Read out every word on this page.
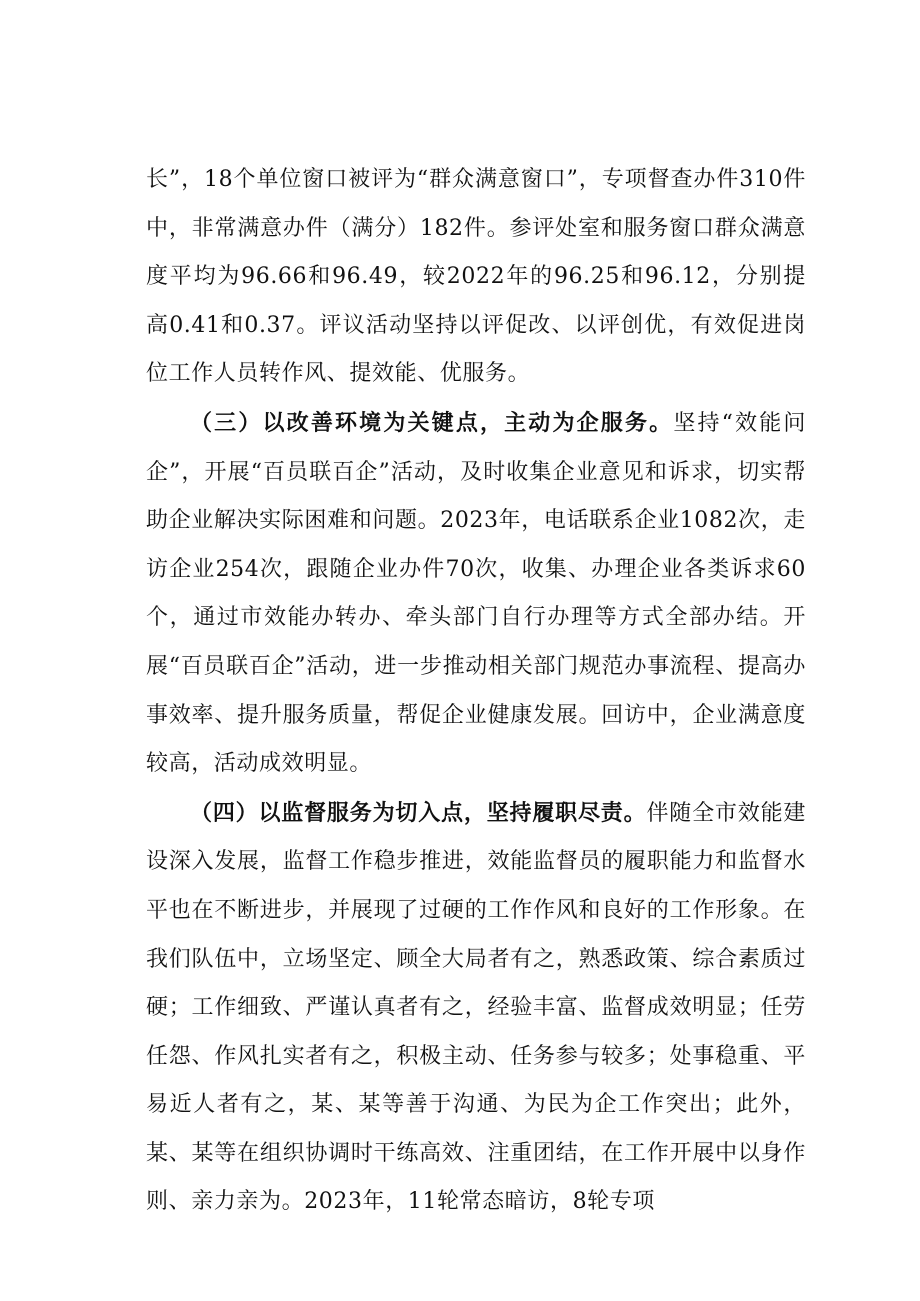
长”，18个单位窗口被评为“群众满意窗口”，专项督查办件310件中，非常满意办件（满分）182件。参评处室和服务窗口群众满意度平均为96.66和96.49，较2022年的96.25和96.12，分别提高0.41和0.37。评议活动坚持以评促改、以评创优，有效促进岗位工作人员转作风、提效能、优服务。

（三）以改善环境为关键点，主动为企服务。坚持“效能问企”，开展“百员联百企”活动，及时收集企业意见和诉求，切实帮助企业解决实际困难和问题。2023年，电话联系企业1082次，走访企业254次，跟随企业办件70次，收集、办理企业各类诉求60个，通过市效能办转办、牵头部门自行办理等方式全部办结。开展“百员联百企”活动，进一步推动相关部门规范办事流程、提高办事效率、提升服务质量，帮促企业健康发展。回访中，企业满意度较高，活动成效明显。

（四）以监督服务为切入点，坚持履职尽责。伴随全市效能建设深入发展，监督工作稳步推进，效能监督员的履职能力和监督水平也在不断进步，并展现了过硬的工作作风和良好的工作形象。在我们队伍中，立场坚定、顾全大局者有之，熟悉政策、综合素质过硬；工作细致、严谨认真者有之，经验丰富、监督成效明显；任劳任怨、作风扎实者有之，积极主动、任务参与较多；处事稳重、平易近人者有之，某、某等善于沟通、为民为企工作突出；此外，某、某等在组织协调时干练高效、注重团结，在工作开展中以身作则、亲力亲为。2023年，11轮常态暗访，8轮专项
